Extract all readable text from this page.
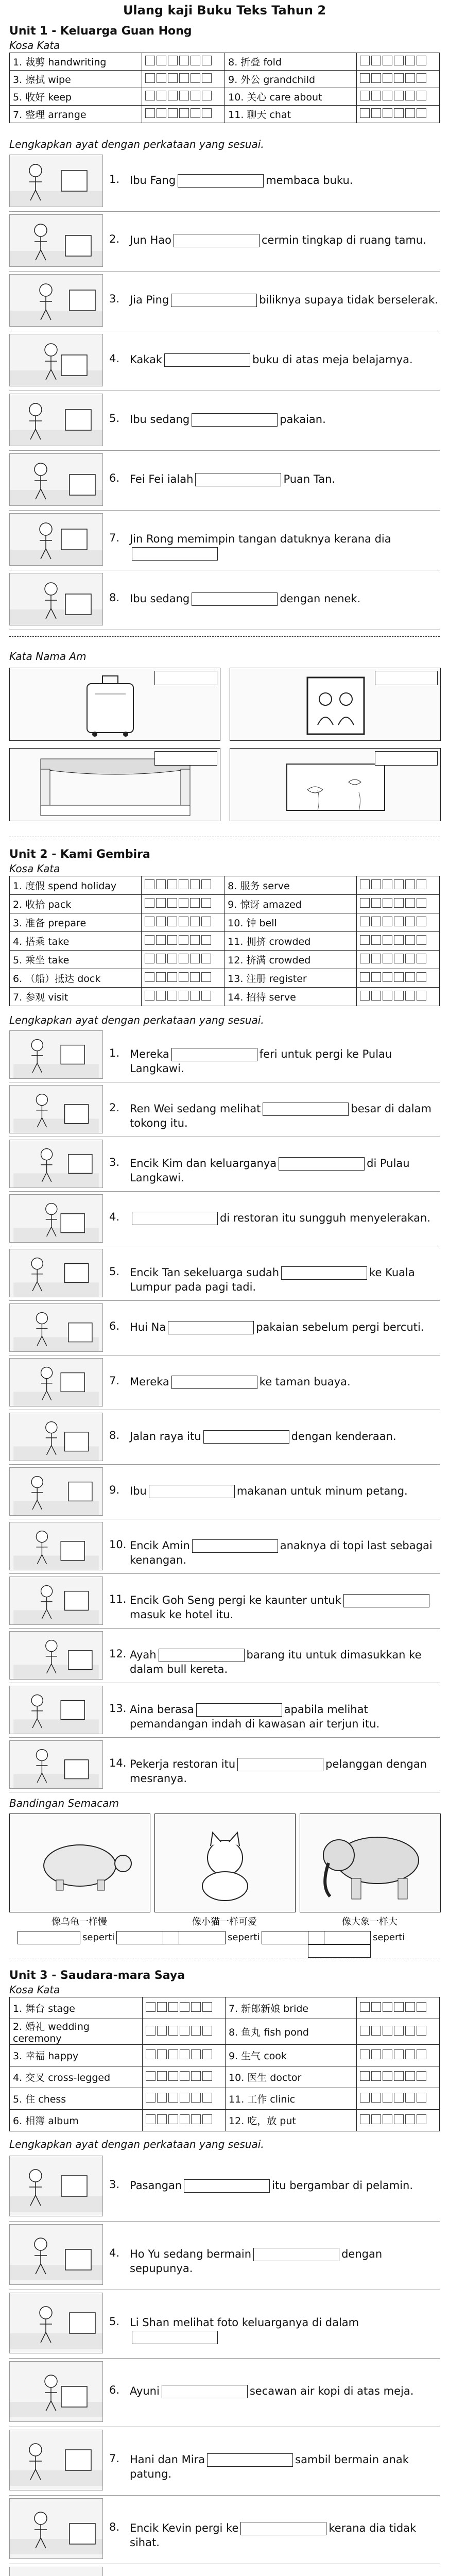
Ulang kaji Buku Teks Tahun 2
Unit 1 - Keluarga Guan Hong
Kosa Kata
1. 裁剪 handwriting		8. 折叠 fold	

3. 擦拭 wipe		9. 外公 grandchild	

5. 收好 keep		10. 关心 care about	

7. 整理 arrange		11. 聊天 chat	
Lengkapkan ayat dengan perkataan yang sesuai.
1. Ibu Fang	membaca buku.
2. Jun Hao	cermin tingkap di ruang tamu.
3. Jia Ping	biliknya supaya tidak berselerak.
4. Kakak	buku di atas meja belajarnya.
5. Ibu sedang	pakaian.
6. Fei Fei ialah	Puan Tan.
7. Jin Rong memimpin tangan datuknya kerana dia
8. Ibu sedang	dengan nenek.
Kata Nama Am
Unit 2 - Kami Gembira
Kosa Kata
1. 度假 spend holiday		8. 服务 serve	

2. 收拾 pack		9. 惊讶 amazed	

3. 准备 prepare		10. 钟 bell	

4. 搭乘 take		11. 拥挤 crowded	

5. 乘坐 take		12. 挤满 crowded	

6. （船）抵达 dock		13. 注册 register	

7. 参观 visit		14. 招待 serve	
Lengkapkan ayat dengan perkataan yang sesuai.
1. Mereka	feri untuk pergi ke Pulau Langkawi.
2. Ren Wei sedang melihat	besar di dalam tokong itu.
3. Encik Kim dan keluarganya	di Pulau Langkawi.
4.	di restoran itu sungguh menyelerakan.
5. Encik Tan sekeluarga sudah	ke Kuala Lumpur pada pagi tadi.
6. Hui Na	pakaian sebelum pergi bercuti.
7. Mereka	ke taman buaya.
8. Jalan raya itu	dengan kenderaan.
9. Ibu	makanan untuk minum petang.
10. Encik Amin	anaknya di topi last sebagai kenangan.
11. Encik Goh Seng pergi ke kaunter untukmasuk ke hotel itu.
12. Ayah	barang itu untuk dimasukkan ke dalam bull kereta.
13. Aina berasa	apabila melihat pemandangan indah di kawasan air terjun itu.
14. Pekerja restoran itu	pelanggan dengan mesranya.
Bandingan Semacam
像乌龟一样慢	像小猫一样可爱	像大象一样大
seperti	seperti	seperti
Unit 3 - Saudara-mara Saya
Kosa Kata
1. 舞台 stage		7. 新郎新娘 bride	

2. 婚礼 wedding ceremony		8. 鱼丸 fish pond	

3. 幸福 happy		9. 生气 cook	

4. 交叉 cross-legged		10. 医生 doctor	

5. 住 chess		11. 工作 clinic	

6. 相簿 album		12. 吃，放 put	
Lengkapkan ayat dengan perkataan yang sesuai.
3. Pasangan	itu bergambar di pelamin.
4. Ho Yu sedang bermain	dengan sepupunya.
5. Li Shan melihat foto keluarganya di dalam
6. Ayuni	secawan air kopi di atas meja.
7. Hani dan Mira	sambil bermain anak patung.
8. Encik Kevin pergi ke	kerana dia tidak sihat.
